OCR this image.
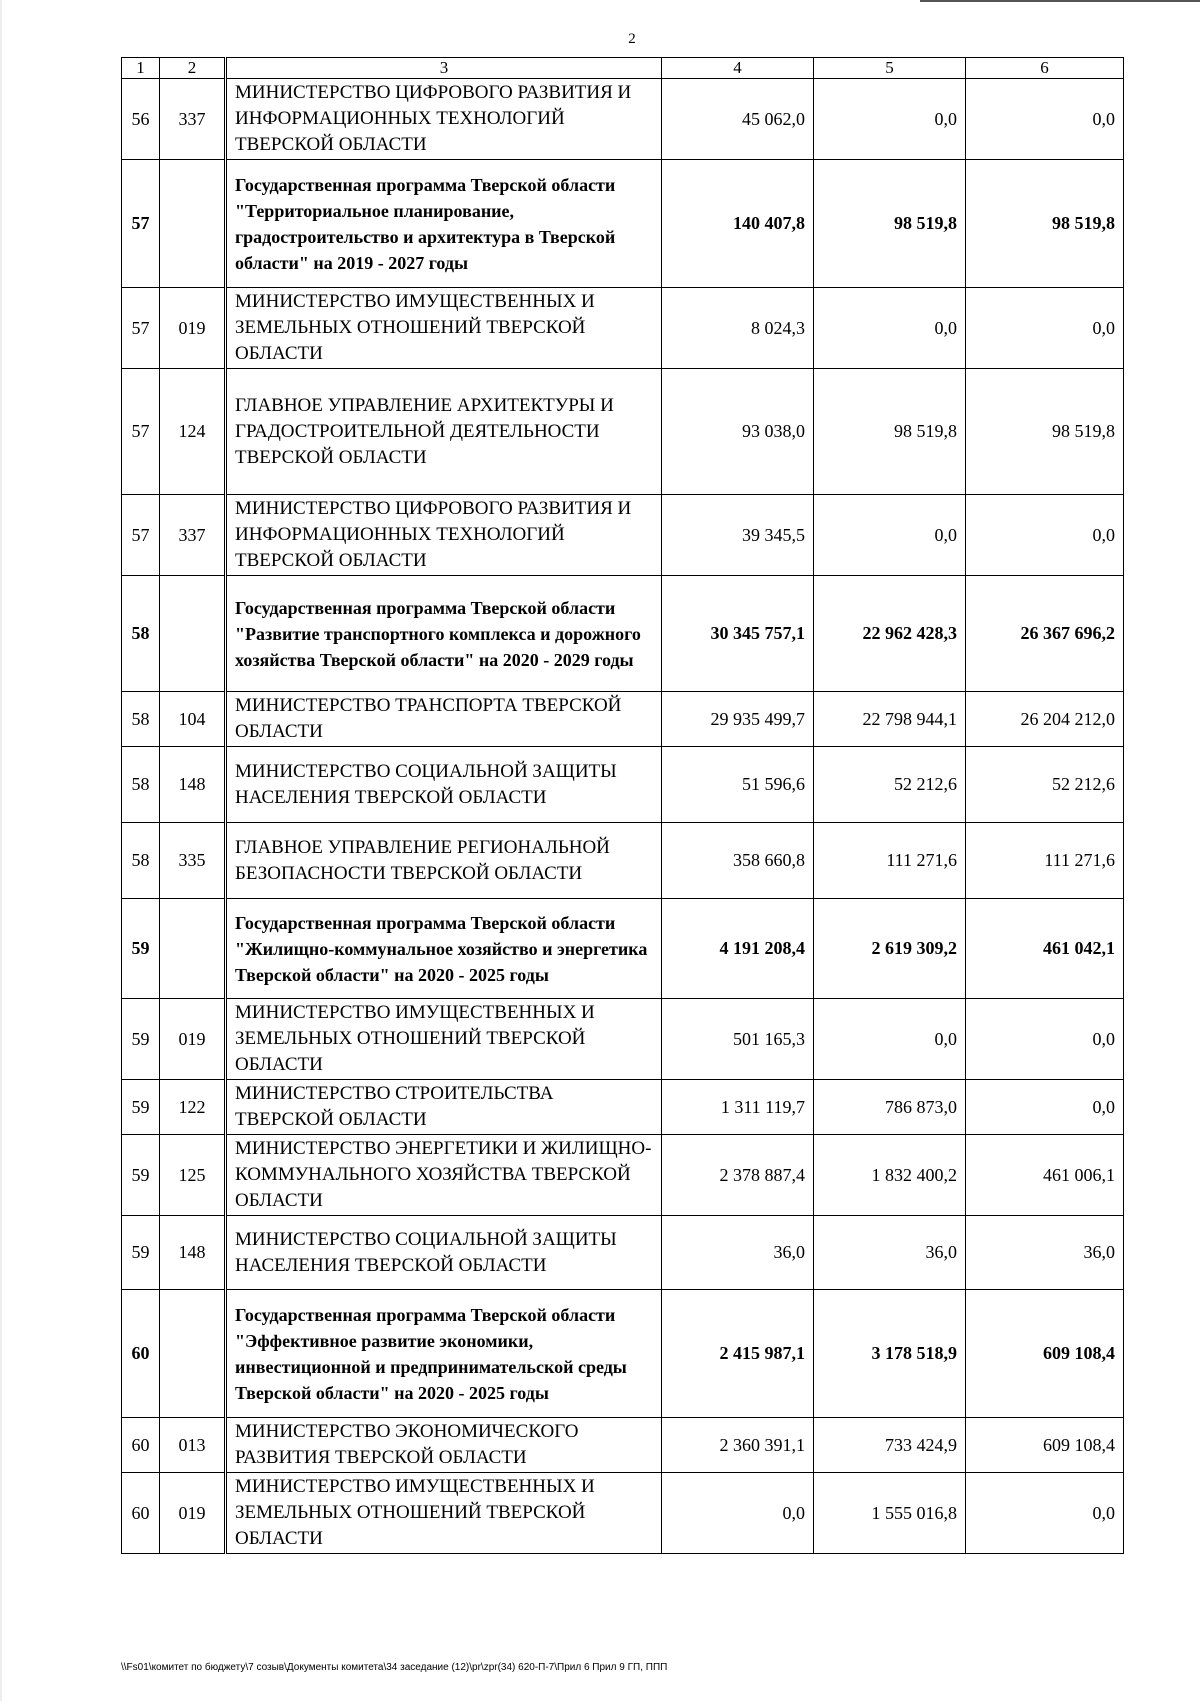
2
1	2	3	4	5	6
56	337	МИНИСТЕРСТВО ЦИФРОВОГО РАЗВИТИЯ И ИНФОРМАЦИОННЫХ ТЕХНОЛОГИЙ ТВЕРСКОЙ ОБЛАСТИ	45 062,0	0,0	0,0
57		Государственная программа Тверской области "Территориальное планирование, градостроительство и архитектура в Тверской области" на 2019 - 2027 годы	140 407,8	98 519,8	98 519,8
57	019	МИНИСТЕРСТВО ИМУЩЕСТВЕННЫХ И ЗЕМЕЛЬНЫХ ОТНОШЕНИЙ ТВЕРСКОЙ ОБЛАСТИ	8 024,3	0,0	0,0
57	124	ГЛАВНОЕ УПРАВЛЕНИЕ АРХИТЕКТУРЫ И ГРАДОСТРОИТЕЛЬНОЙ ДЕЯТЕЛЬНОСТИ ТВЕРСКОЙ ОБЛАСТИ	93 038,0	98 519,8	98 519,8
57	337	МИНИСТЕРСТВО ЦИФРОВОГО РАЗВИТИЯ И ИНФОРМАЦИОННЫХ ТЕХНОЛОГИЙ ТВЕРСКОЙ ОБЛАСТИ	39 345,5	0,0	0,0
58		Государственная программа Тверской области "Развитие транспортного комплекса и дорожного хозяйства Тверской области" на 2020 - 2029 годы	30 345 757,1	22 962 428,3	26 367 696,2
58	104	МИНИСТЕРСТВО ТРАНСПОРТА ТВЕРСКОЙ ОБЛАСТИ	29 935 499,7	22 798 944,1	26 204 212,0
58	148	МИНИСТЕРСТВО СОЦИАЛЬНОЙ ЗАЩИТЫ НАСЕЛЕНИЯ ТВЕРСКОЙ ОБЛАСТИ	51 596,6	52 212,6	52 212,6
58	335	ГЛАВНОЕ УПРАВЛЕНИЕ РЕГИОНАЛЬНОЙ БЕЗОПАСНОСТИ ТВЕРСКОЙ ОБЛАСТИ	358 660,8	111 271,6	111 271,6
59		Государственная программа Тверской области "Жилищно-коммунальное хозяйство и энергетика Тверской области" на 2020 - 2025 годы	4 191 208,4	2 619 309,2	461 042,1
59	019	МИНИСТЕРСТВО ИМУЩЕСТВЕННЫХ И ЗЕМЕЛЬНЫХ ОТНОШЕНИЙ ТВЕРСКОЙ ОБЛАСТИ	501 165,3	0,0	0,0
59	122	МИНИСТЕРСТВО СТРОИТЕЛЬСТВА ТВЕРСКОЙ ОБЛАСТИ	1 311 119,7	786 873,0	0,0
59	125	МИНИСТЕРСТВО ЭНЕРГЕТИКИ И ЖИЛИЩНО-КОММУНАЛЬНОГО ХОЗЯЙСТВА ТВЕРСКОЙ ОБЛАСТИ	2 378 887,4	1 832 400,2	461 006,1
59	148	МИНИСТЕРСТВО СОЦИАЛЬНОЙ ЗАЩИТЫ НАСЕЛЕНИЯ ТВЕРСКОЙ ОБЛАСТИ	36,0	36,0	36,0
60		Государственная программа Тверской области "Эффективное развитие экономики, инвестиционной и предпринимательской среды Тверской области" на 2020 - 2025 годы	2 415 987,1	3 178 518,9	609 108,4
60	013	МИНИСТЕРСТВО ЭКОНОМИЧЕСКОГО РАЗВИТИЯ ТВЕРСКОЙ ОБЛАСТИ	2 360 391,1	733 424,9	609 108,4
60	019	МИНИСТЕРСТВО ИМУЩЕСТВЕННЫХ И ЗЕМЕЛЬНЫХ ОТНОШЕНИЙ ТВЕРСКОЙ ОБЛАСТИ	0,0	1 555 016,8	0,0
\\Fs01\комитет по бюджету\7 созыв\Документы комитета\34 заседание (12)\pr\zpr(34) 620-П-7\Прил 6 Прил 9 ГП, ППП
